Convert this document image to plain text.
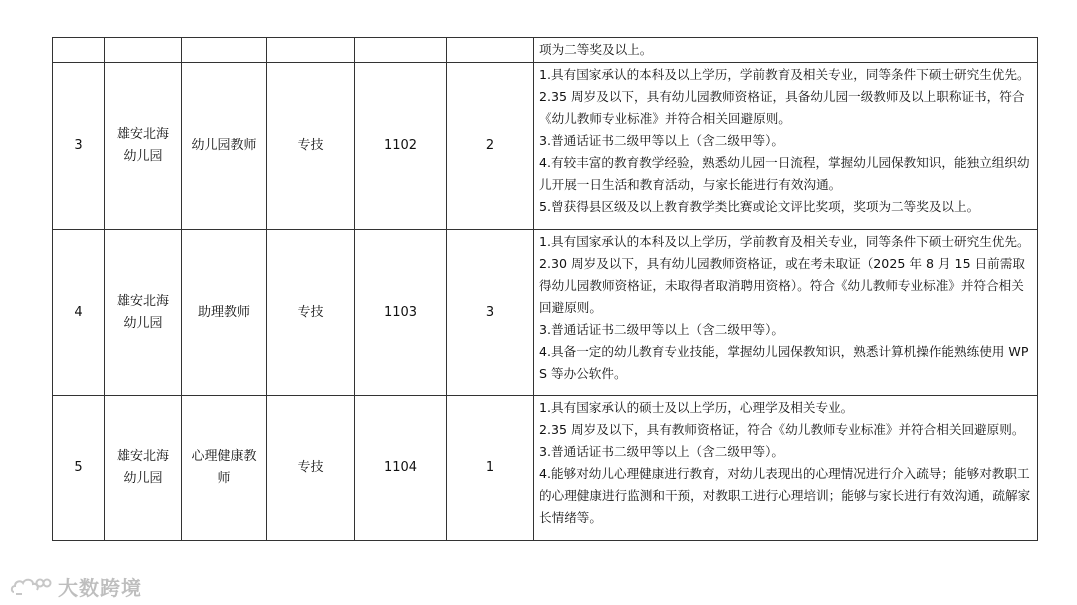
						项为二等奖及以上。

3	雄安北海
幼儿园	幼儿园教师	专技	1102	2	1.具有国家承认的本科及以上学历，学前教育及相关专业，同等条件下硕士研究生优先。
2.35 周岁及以下，具有幼儿园教师资格证，具备幼儿园一级教师及以上职称证书，符合《幼儿教师专业标准》并符合相关回避原则。
3.普通话证书二级甲等以上（含二级甲等）。
4.有较丰富的教育教学经验，熟悉幼儿园一日流程，掌握幼儿园保教知识，能独立组织幼儿开展一日生活和教育活动，与家长能进行有效沟通。
5.曾获得县区级及以上教育教学类比赛或论文评比奖项，奖项为二等奖及以上。

4	雄安北海
幼儿园	助理教师	专技	1103	3	1.具有国家承认的本科及以上学历，学前教育及相关专业，同等条件下硕士研究生优先。
2.30 周岁及以下，具有幼儿园教师资格证，或在考未取证（2025 年 8 月 15 日前需取得幼儿园教师资格证，未取得者取消聘用资格）。符合《幼儿教师专业标准》并符合相关回避原则。
3.普通话证书二级甲等以上（含二级甲等）。
4.具备一定的幼儿教育专业技能，掌握幼儿园保教知识，熟悉计算机操作能熟练使用 WPS 等办公软件。

5	雄安北海
幼儿园	心理健康教
师	专技	1104	1	1.具有国家承认的硕士及以上学历，心理学及相关专业。
2.35 周岁及以下，具有教师资格证，符合《幼儿教师专业标准》并符合相关回避原则。
3.普通话证书二级甲等以上（含二级甲等）。
4.能够对幼儿心理健康进行教育，对幼儿表现出的心理情况进行介入疏导；能够对教职工的心理健康进行监测和干预，对教职工进行心理培训；能够与家长进行有效沟通，疏解家长情绪等。
大数跨境
